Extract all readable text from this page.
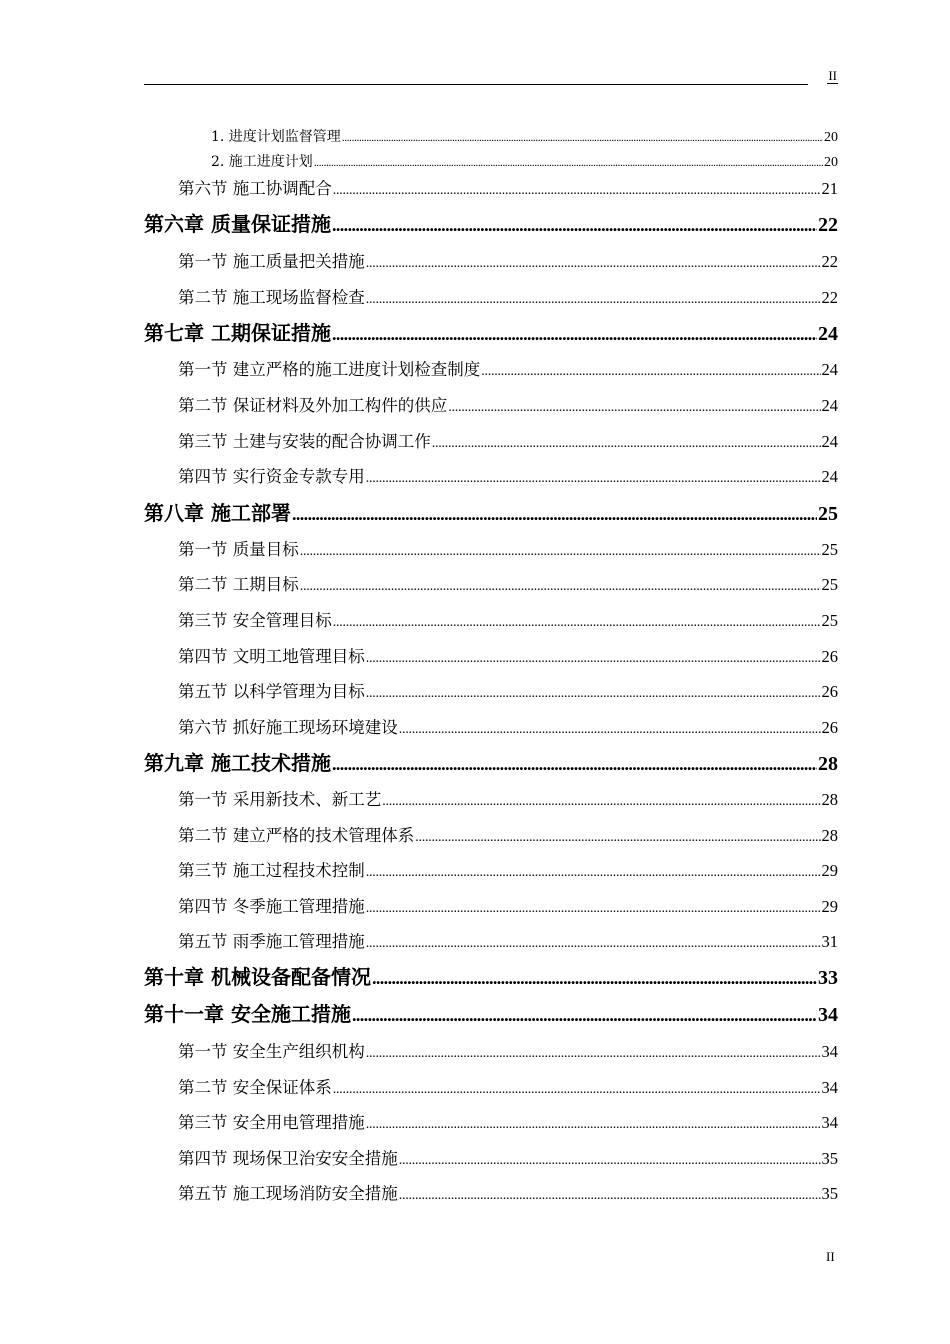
II
1. 进度计划监督管理 .....	20
2. 施工进度计划 .....	20
第六节 施工协调配合 .....	21
第六章 质量保证措施 .....	22
第一节 施工质量把关措施 .....	22
第二节 施工现场监督检查 .....	22
第七章 工期保证措施 .....	24
第一节 建立严格的施工进度计划检查制度 .....	24
第二节 保证材料及外加工构件的供应 .....	24
第三节 土建与安装的配合协调工作 .....	24
第四节 实行资金专款专用 .....	24
第八章 施工部署 .....	25
第一节 质量目标 .....	25
第二节 工期目标 .....	25
第三节 安全管理目标 .....	25
第四节 文明工地管理目标 .....	26
第五节 以科学管理为目标 .....	26
第六节 抓好施工现场环境建设 .....	26
第九章 施工技术措施 .....	28
第一节 采用新技术、新工艺 .....	28
第二节 建立严格的技术管理体系 .....	28
第三节 施工过程技术控制 .....	29
第四节 冬季施工管理措施 .....	29
第五节 雨季施工管理措施 .....	31
第十章 机械设备配备情况 .....	33
第十一章 安全施工措施 .....	34
第一节 安全生产组织机构 .....	34
第二节 安全保证体系 .....	34
第三节 安全用电管理措施 .....	34
第四节 现场保卫治安安全措施 .....	35
第五节 施工现场消防安全措施 .....	35
II
